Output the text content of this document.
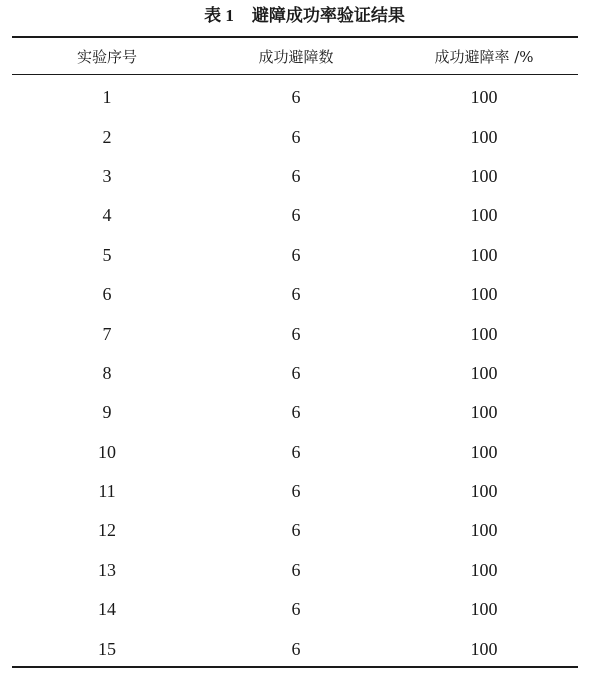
表 1 避障成功率验证结果
实验序号	成功避障数	成功避障率 /%
1	6	100
2	6	100
3	6	100
4	6	100
5	6	100
6	6	100
7	6	100
8	6	100
9	6	100
10	6	100
11	6	100
12	6	100
13	6	100
14	6	100
15	6	100
